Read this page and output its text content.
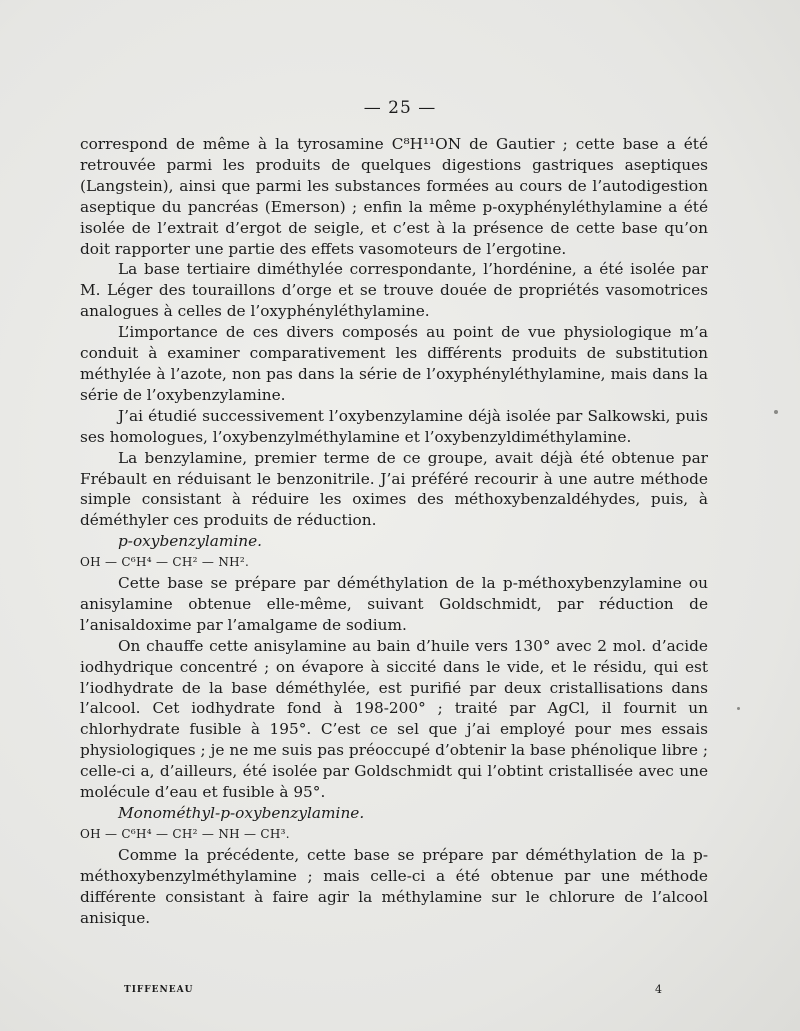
— 25 —

correspond de même à la tyrosamine C⁸H¹¹ON de Gautier ; cette base a été retrouvée parmi les produits de quelques digestions gastriques aseptiques (Langstein), ainsi que parmi les substances formées au cours de l’autodigestion aseptique du pancréas (Emerson) ; enfin la même p-oxyphényléthylamine a été isolée de l’extrait d’ergot de seigle, et c’est à la présence de cette base qu’on doit rapporter une partie des effets vasomoteurs de l’ergotine.

La base tertiaire diméthylée correspondante, l’hordénine, a été isolée par M. Léger des touraillons d’orge et se trouve douée de propriétés vasomotrices analogues à celles de l’oxyphényléthylamine.

L’importance de ces divers composés au point de vue physiologique m’a conduit à examiner comparativement les différents produits de substitution méthylée à l’azote, non pas dans la série de l’oxyphényléthylamine, mais dans la série de l’oxybenzylamine.

J’ai étudié successivement l’oxybenzylamine déjà isolée par Salkowski, puis ses homologues, l’oxybenzylméthylamine et l’oxybenzyldiméthylamine.

La benzylamine, premier terme de ce groupe, avait déjà été obtenue par Frébault en réduisant le benzonitrile. J’ai préféré recourir à une autre méthode simple consistant à réduire les oximes des méthoxybenzaldéhydes, puis, à déméthyler ces produits de réduction.

p-oxybenzylamine.

OH — C⁶H⁴ — CH² — NH².

Cette base se prépare par déméthylation de la p-méthoxybenzylamine ou anisylamine obtenue elle-même, suivant Goldschmidt, par réduction de l’anisaldoxime par l’amalgame de sodium.

On chauffe cette anisylamine au bain d’huile vers 130° avec 2 mol. d’acide iodhydrique concentré ; on évapore à siccité dans le vide, et le résidu, qui est l’iodhydrate de la base déméthylée, est purifié par deux cristallisations dans l’alcool. Cet iodhydrate fond à 198-200° ; traité par AgCl, il fournit un chlorhydrate fusible à 195°. C’est ce sel que j’ai employé pour mes essais physiologiques ; je ne me suis pas préoccupé d’obtenir la base phénolique libre ; celle-ci a, d’ailleurs, été isolée par Goldschmidt qui l’obtint cristallisée avec une molécule d’eau et fusible à 95°.

Monométhyl-p-oxybenzylamine.

OH — C⁶H⁴ — CH² — NH — CH³.

Comme la précédente, cette base se prépare par déméthylation de la p-méthoxybenzylméthylamine ; mais celle-ci a été obtenue par une méthode différente consistant à faire agir la méthylamine sur le chlorure de l’alcool anisique.

TIFFENEAU	4
